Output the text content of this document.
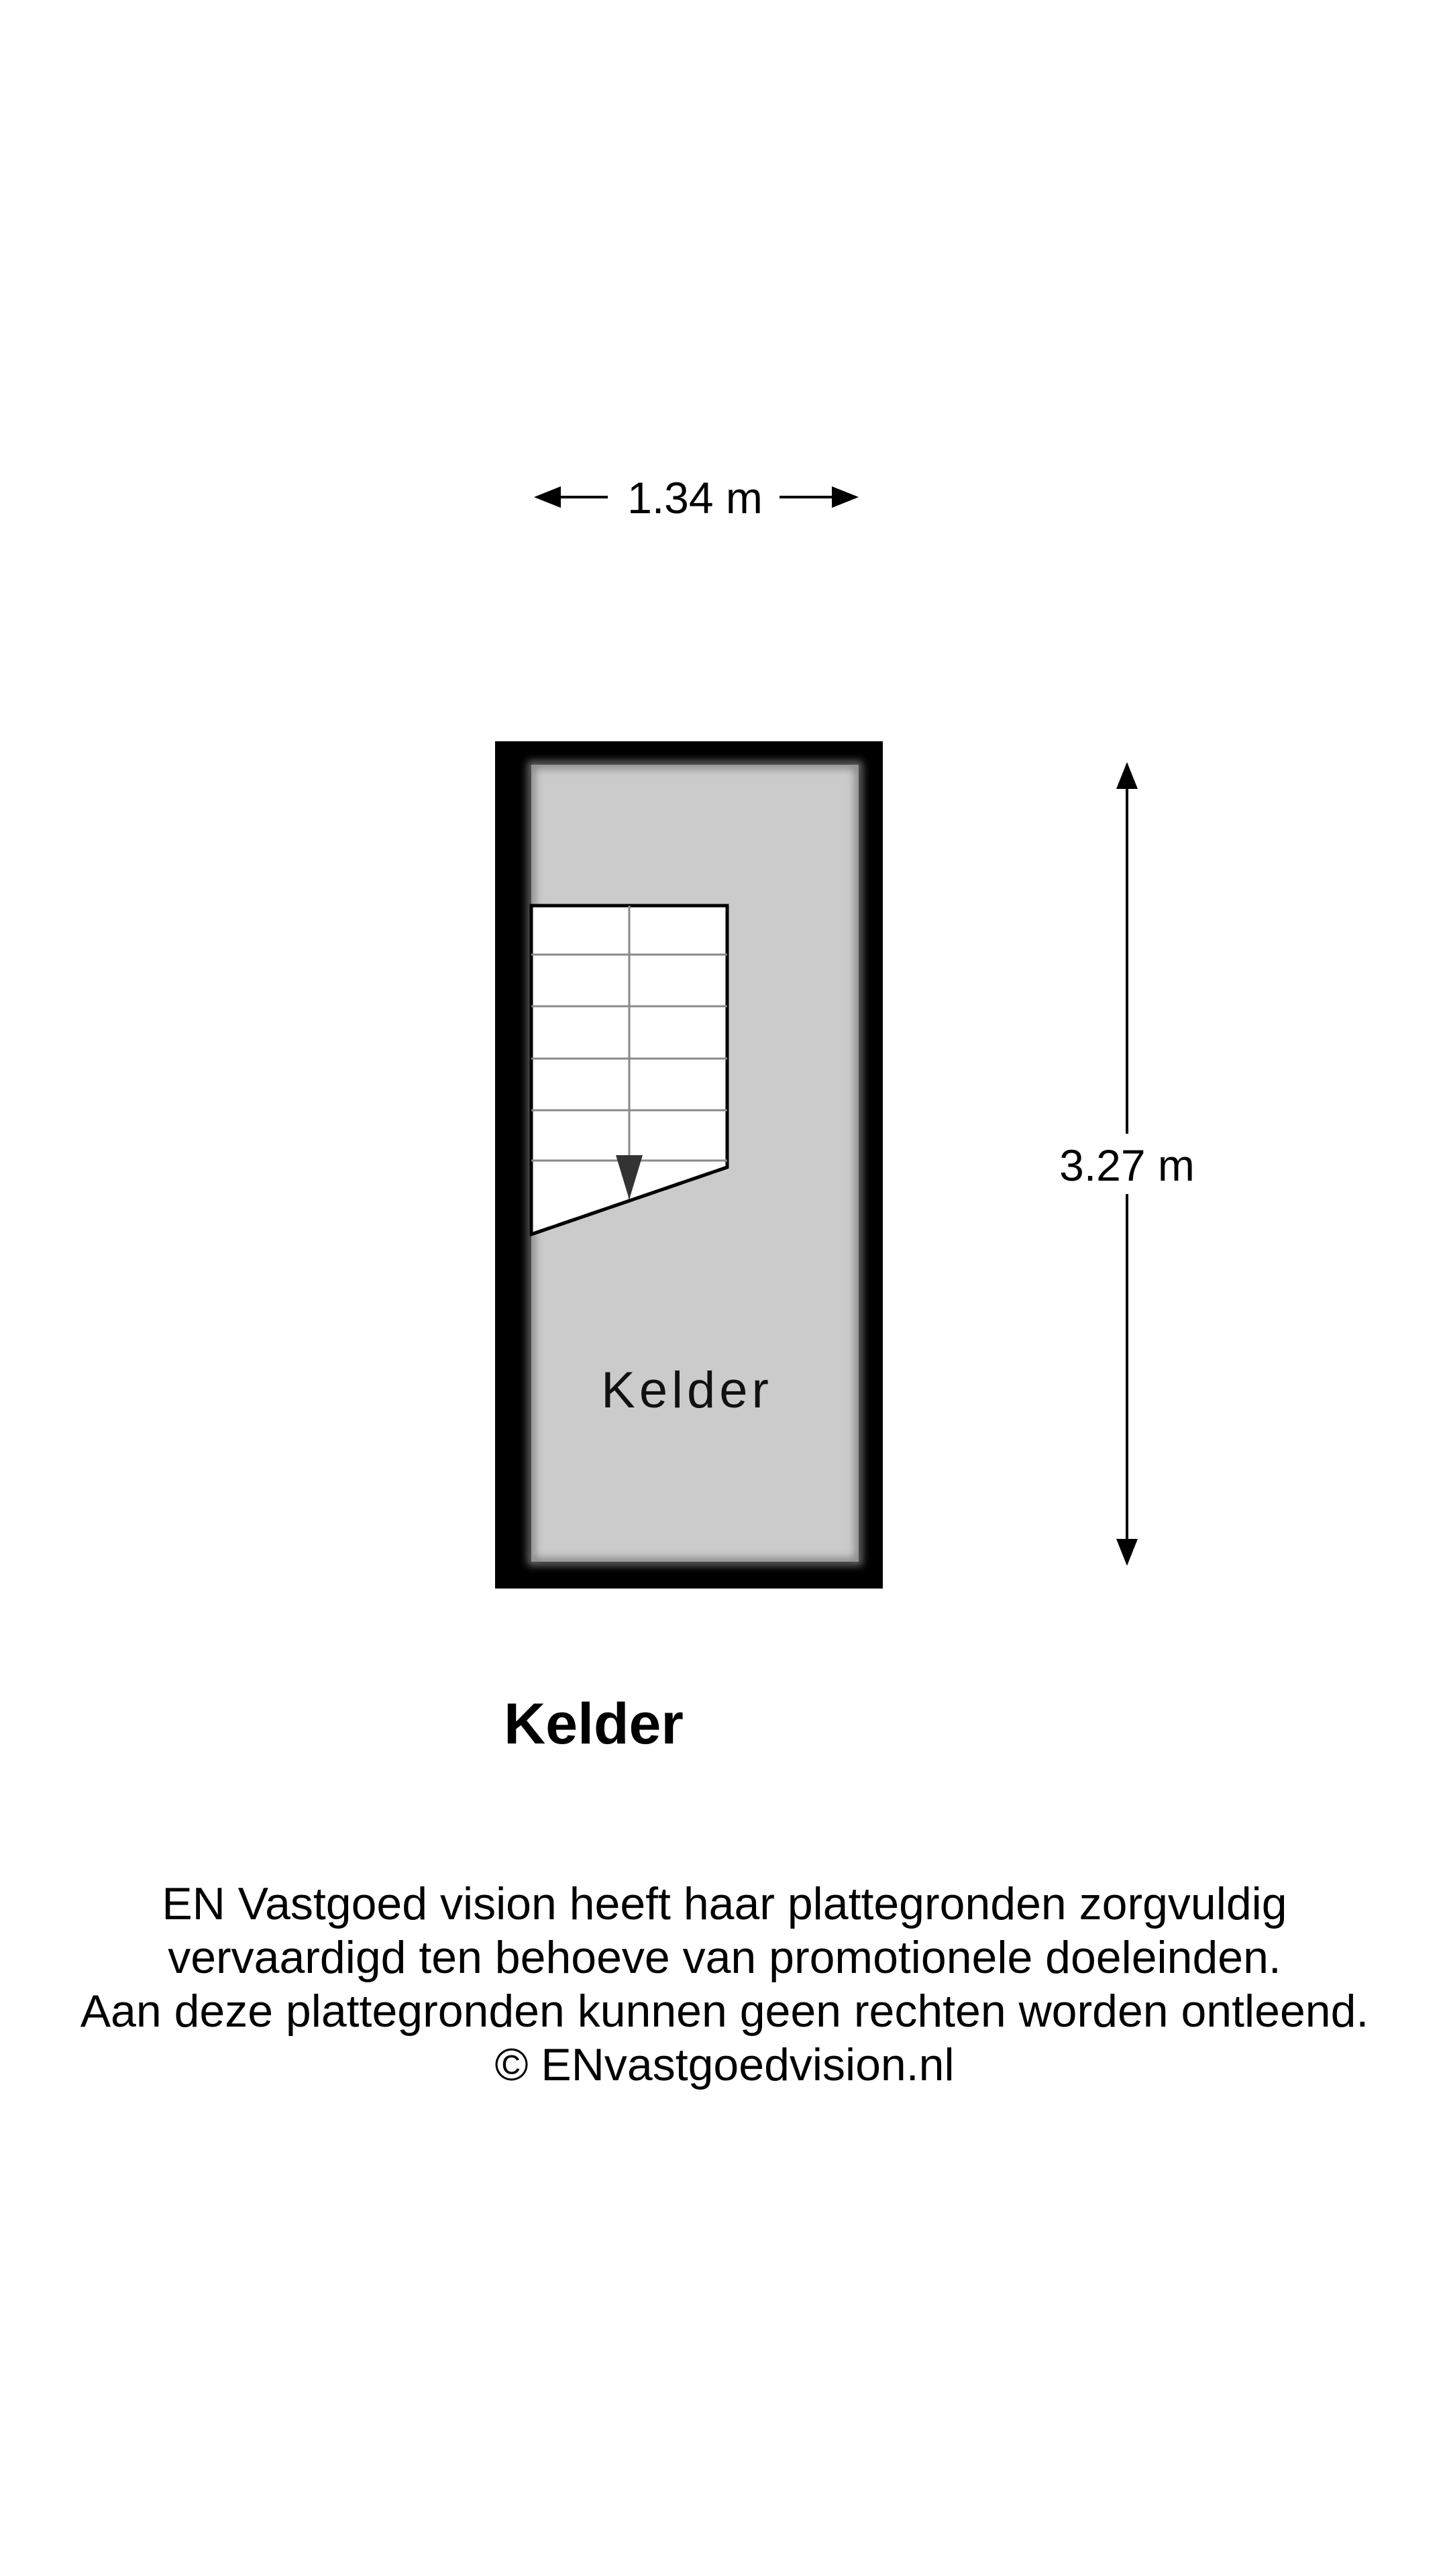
1.34 m
3.27 m
Kelder
Kelder

EN Vastgoed vision heeft haar plattegronden zorgvuldig
vervaardigd ten behoeve van promotionele doeleinden.
Aan deze plattegronden kunnen geen rechten worden ontleend.
© ENvastgoedvision.nl
